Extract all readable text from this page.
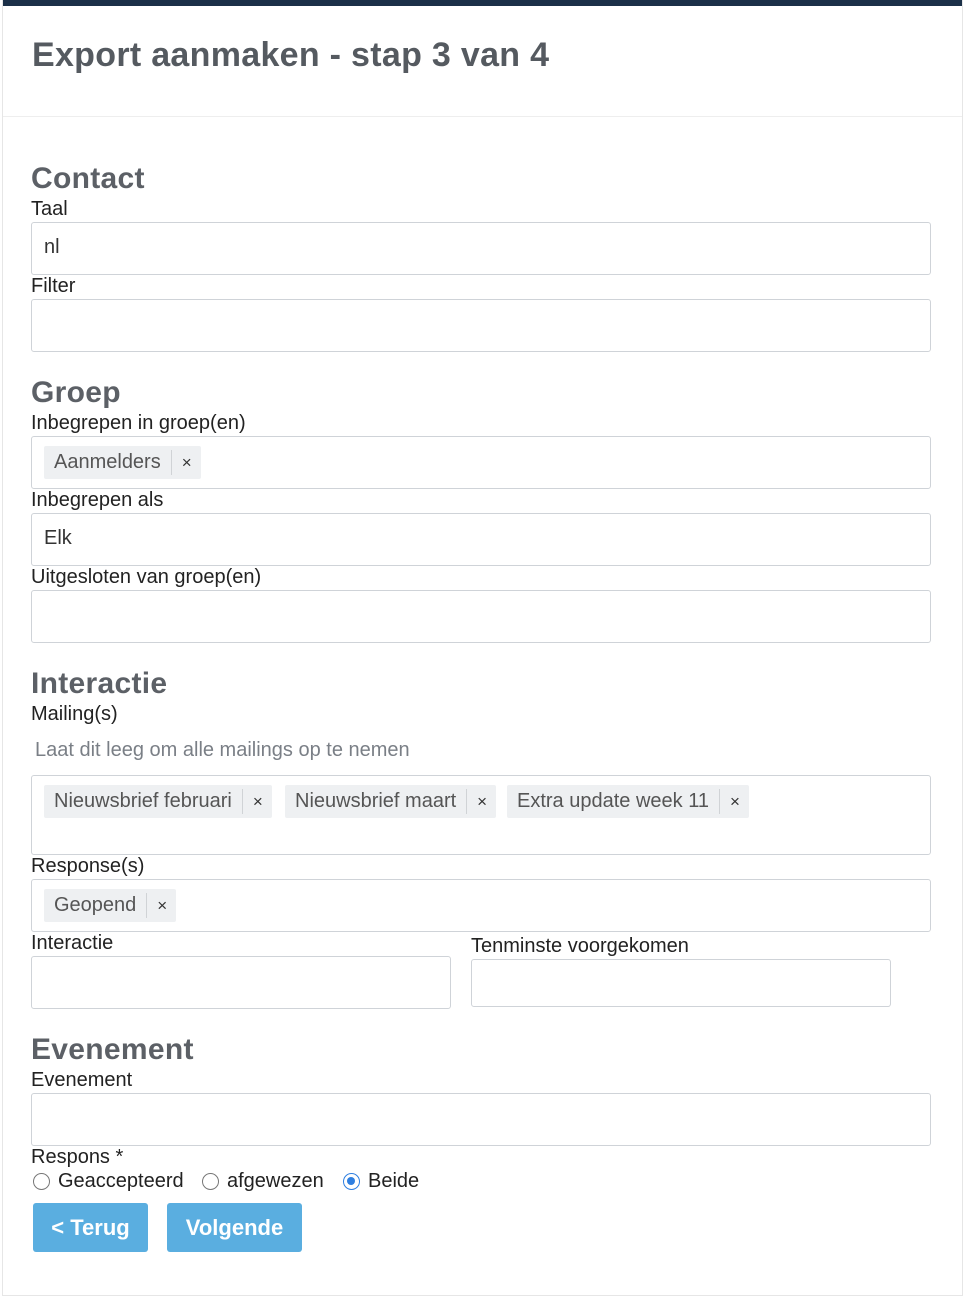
Export aanmaken - stap 3 van 4
Contact
Taal
nl
Filter
Groep
Inbegrepen in groep(en)
Aanmelders	×
Inbegrepen als
Elk
Uitgesloten van groep(en)
Interactie
Mailing(s)
Laat dit leeg om alle mailings op te nemen
Nieuwsbrief februari	×	Nieuwsbrief maart	×	Extra update week 11	×
Response(s)
Geopend	×
Interactie	Tenminste voorgekomen
Evenement
Evenement
Respons *
Geaccepteerd afgewezen Beide
< Terug	Volgende
